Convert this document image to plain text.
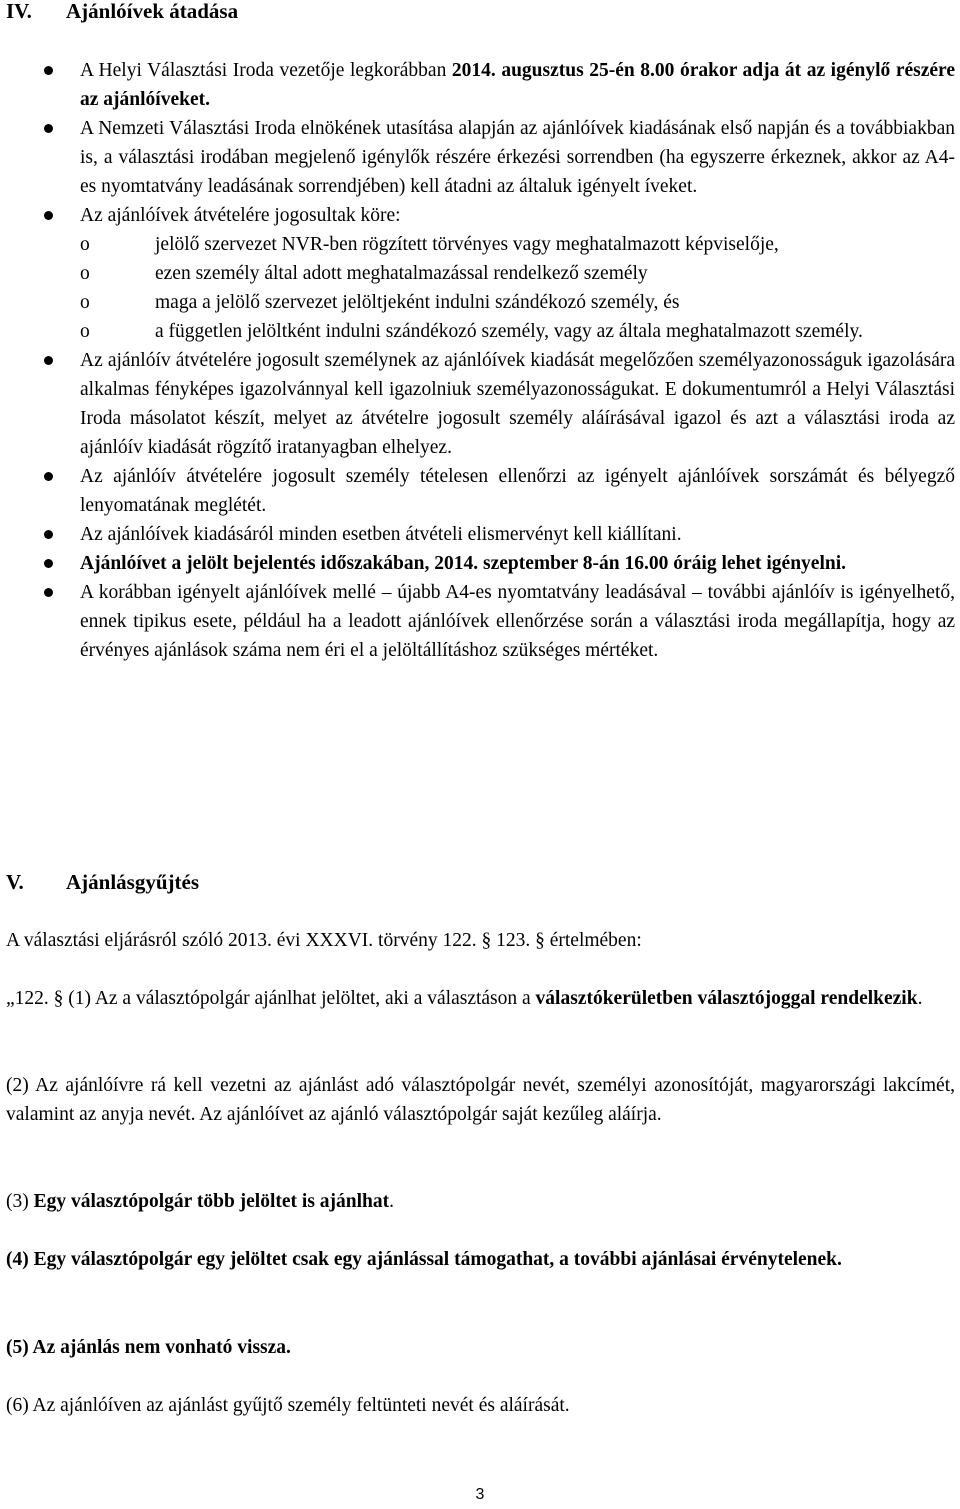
IV. Ajánlóívek átadása
A Helyi Választási Iroda vezetője legkorábban 2014. augusztus 25-én 8.00 órakor adja át az igénylő részére az ajánlóíveket.
A Nemzeti Választási Iroda elnökének utasítása alapján az ajánlóívek kiadásának első napján és a továbbiakban is, a választási irodában megjelenő igénylők részére érkezési sorrendben (ha egyszerre érkeznek, akkor az A4-es nyomtatvány leadásának sorrendjében) kell átadni az általuk igényelt íveket.
Az ajánlóívek átvételére jogosultak köre:
o	jelölő szervezet NVR-ben rögzített törvényes vagy meghatalmazott képviselője,
o	ezen személy által adott meghatalmazással rendelkező személy
o	maga a jelölő szervezet jelöltjeként indulni szándékozó személy, és
o	a független jelöltként indulni szándékozó személy, vagy az általa meghatalmazott személy.
Az ajánlóív átvételére jogosult személynek az ajánlóívek kiadását megelőzően személyazonosságuk igazolására alkalmas fényképes igazolvánnyal kell igazolniuk személyazonosságukat. E dokumentumról a Helyi Választási Iroda másolatot készít, melyet az átvételre jogosult személy aláírásával igazol és azt a választási iroda az ajánlóív kiadását rögzítő iratanyagban elhelyez.
Az ajánlóív átvételére jogosult személy tételesen ellenőrzi az igényelt ajánlóívek sorszámát és bélyegző lenyomatának meglétét.
Az ajánlóívek kiadásáról minden esetben átvételi elismervényt kell kiállítani.
Ajánlóívet a jelölt bejelentés időszakában, 2014. szeptember 8-án 16.00 óráig lehet igényelni.
A korábban igényelt ajánlóívek mellé – újabb A4-es nyomtatvány leadásával – további ajánlóív is igényelhető, ennek tipikus esete, például ha a leadott ajánlóívek ellenőrzése során a választási iroda megállapítja, hogy az érvényes ajánlások száma nem éri el a jelöltállításhoz szükséges mértéket.
V. Ajánlásgyűjtés

A választási eljárásról szóló 2013. évi XXXVI. törvény 122. § 123. § értelmében:

„122. § (1) Az a választópolgár ajánlhat jelöltet, aki a választáson a választókerületben választójoggal rendelkezik.

(2) Az ajánlóívre rá kell vezetni az ajánlást adó választópolgár nevét, személyi azonosítóját, magyarországi lakcímét, valamint az anyja nevét. Az ajánlóívet az ajánló választópolgár saját kezűleg aláírja.

(3) Egy választópolgár több jelöltet is ajánlhat.

(4) Egy választópolgár egy jelöltet csak egy ajánlással támogathat, a további ajánlásai érvénytelenek.

(5) Az ajánlás nem vonható vissza.

(6) Az ajánlóíven az ajánlást gyűjtő személy feltünteti nevét és aláírását.

3
